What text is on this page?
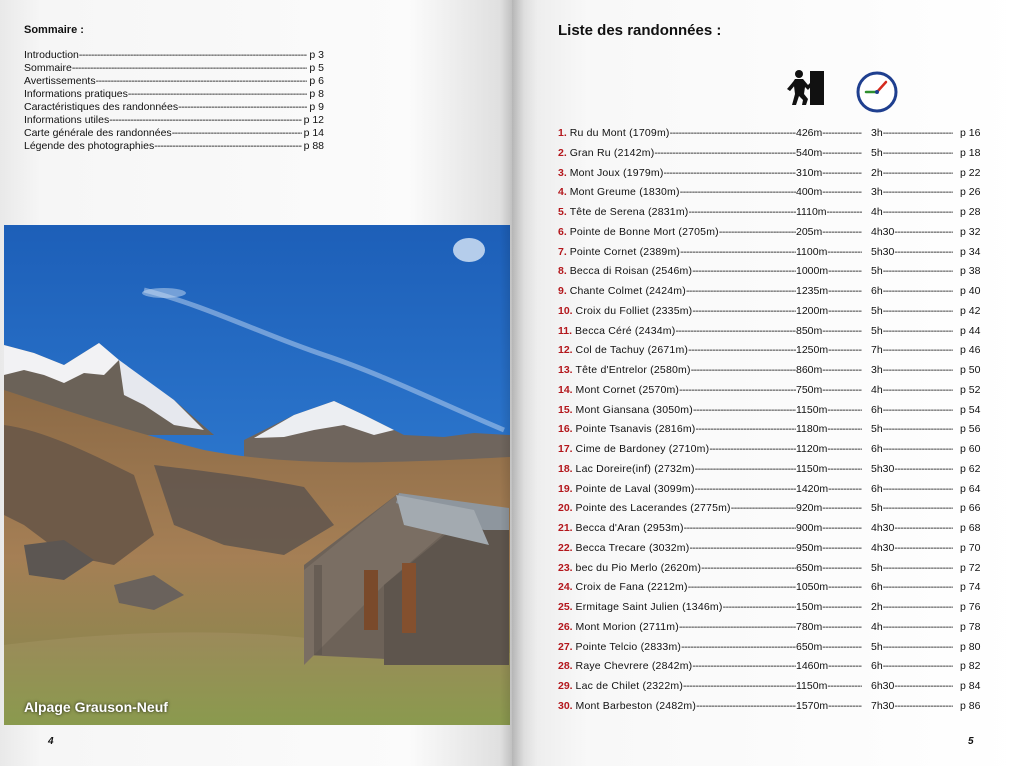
Sommaire :
Introduction -----	p 3
Sommaire -----	p 5
Avertissements -----	p 6
Informations pratiques -----	p 8
Caractéristiques des randonnées -----	p 9
Informations utiles -----	p 12
Carte générale des randonnées -----	p 14
Légende des photographies -----	p 88
Alpage Grauson-Neuf
4
Liste des randonnées :
1. Ru du Mont (1709m) -----	426m -----	3h -----	p 16
2. Gran Ru (2142m) -----	540m -----	5h -----	p 18
3. Mont Joux (1979m) -----	310m -----	2h -----	p 22
4. Mont Greume (1830m) -----	400m -----	3h -----	p 26
5. Tête de Serena (2831m) -----	1110m -----	4h -----	p 28
6. Pointe de Bonne Mort (2705m) -----	205m -----	4h30 -----	p 32
7. Pointe Cornet (2389m) -----	1100m -----	5h30 -----	p 34
8. Becca di Roisan (2546m) -----	1000m -----	5h -----	p 38
9. Chante Colmet (2424m) -----	1235m -----	6h -----	p 40
10. Croix du Folliet (2335m) -----	1200m -----	5h -----	p 42
11. Becca Céré (2434m) -----	850m -----	5h -----	p 44
12. Col de Tachuy (2671m) -----	1250m -----	7h -----	p 46
13. Tête d'Entrelor (2580m) -----	860m -----	3h -----	p 50
14. Mont Cornet (2570m) -----	750m -----	4h -----	p 52
15. Mont Giansana (3050m) -----	1150m -----	6h -----	p 54
16. Pointe Tsanavis (2816m) -----	1180m -----	5h -----	p 56
17. Cime de Bardoney (2710m) -----	1120m -----	6h -----	p 60
18. Lac Doreire(inf) (2732m) -----	1150m -----	5h30 -----	p 62
19. Pointe de Laval (3099m) -----	1420m -----	6h -----	p 64
20. Pointe des Lacerandes (2775m) -----	920m -----	5h -----	p 66
21. Becca d'Aran (2953m) -----	900m -----	4h30 -----	p 68
22. Becca Trecare (3032m) -----	950m -----	4h30 -----	p 70
23. bec du Pio Merlo (2620m) -----	650m -----	5h -----	p 72
24. Croix de Fana (2212m) -----	1050m -----	6h -----	p 74
25. Ermitage Saint Julien (1346m) -----	150m -----	2h -----	p 76
26. Mont Morion (2711m) -----	780m -----	4h -----	p 78
27. Pointe Telcio (2833m) -----	650m -----	5h -----	p 80
28. Raye Chevrere (2842m) -----	1460m -----	6h -----	p 82
29. Lac de Chilet (2322m) -----	1150m -----	6h30 -----	p 84
30. Mont Barbeston (2482m) -----	1570m -----	7h30 -----	p 86
5
